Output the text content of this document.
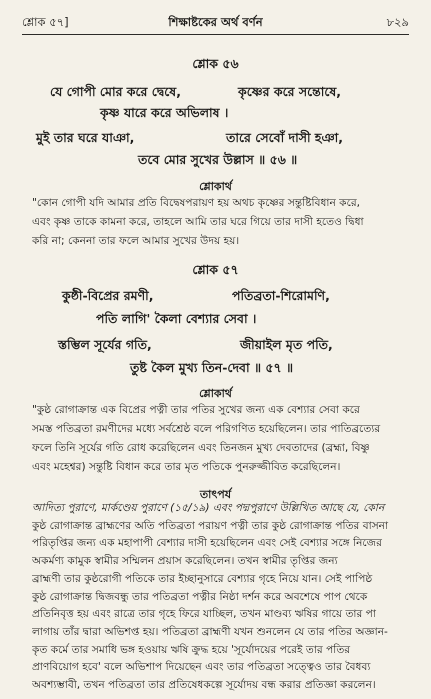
শ্লোক ৫৭]	শিক্ষাষ্টকের অর্থ বর্ণন	৮২৯
শ্লোক ৫৬
যে গোপী মোর করে দ্বেষে,	কৃষ্ণের করে সন্তোষে,
কৃষ্ণ যারে করে অভিলাষ ।
মুই তার ঘরে যাঞা,	তারে সেবোঁ দাসী হঞা,
তবে মোর সুখের উল্লাস ॥ ৫৬ ॥
শ্লোকার্থ
"কোন গোপী যদি আমার প্রতি বিদ্বেষপরায়ণ হয় অথচ কৃষ্ণের সন্তুষ্টিবিধান করে,
এবং কৃষ্ণ তাকে কামনা করে, তাহলে আমি তার ঘরে গিয়ে তার দাসী হতেও দ্বিধা
করি না; কেননা তার ফলে আমার সুখের উদয় হয়।
শ্লোক ৫৭
কুষ্ঠী-বিপ্রের রমণী,	পতিব্রতা-শিরোমণি,
পতি লাগি' কৈলা বেশ্যার সেবা ।
স্তম্ভিল সূর্যের গতি,	জীয়াইল মৃত পতি,
তুষ্ট কৈল মুখ্য তিন-দেবা ॥ ৫৭ ॥
শ্লোকার্থ
"কুষ্ঠ রোগাক্রান্ত এক বিপ্রের পত্নী তার পতির সুখের জন্য এক বেশ্যার সেবা করে
সমস্ত পতিব্রতা রমণীদের মধ্যে সর্বশ্রেষ্ঠ বলে পরিগণিত হয়েছিলেন। তার পাতিব্রত্যের
ফলে তিনি সূর্যের গতি রোধ করেছিলেন এবং তিনজন মুখ্য দেবতাদের (ব্রহ্মা, বিষ্ণু
এবং মহেশ্বর) সন্তুষ্টি বিধান করে তার মৃত পতিকে পুনরুজ্জীবিত করেছিলেন।
তাৎপর্য
আদিত্য পুরাণে, মার্কণ্ডেয় পুরাণে (১৫/১৯) এবং পদ্মপুরাণে উল্লিখিত আছে যে, কোন
কুষ্ঠ রোগাক্রান্ত ব্রাহ্মণের অতি পতিব্রতা পরায়ণ পত্নী তার কুষ্ঠ রোগাক্রান্ত পতির বাসনা
পরিতৃপ্তির জন্য এক মহাপাপী বেশ্যার দাসী হয়েছিলেন এবং সেই বেশ্যার সঙ্গে নিজের
অকর্মণ্য কামুক স্বামীর সম্মিলন প্রয়াস করেছিলেন। তখন স্বামীর তৃপ্তির জন্য
ব্রাহ্মণী তার কুষ্ঠরোগী পতিকে তার ইচ্ছানুসারে বেশ্যার গৃহে নিয়ে যান। সেই পাপিষ্ঠ
কুষ্ঠ রোগাক্রান্ত দ্বিজবন্ধু তার পতিব্রতা পত্নীর নিষ্ঠা দর্শন করে অবশেষে পাপ থেকে
প্রতিনিবৃত্ত হয় এবং রাত্রে তার গৃহে ফিরে যাচ্ছিল, তখন মাণ্ডব্য ঋষির গায়ে তার পা
লাগায় তাঁর দ্বারা অভিশপ্ত হয়। পতিব্রতা ব্রাহ্মণী যখন শুনলেন যে তার পতির অজ্ঞান-
কৃত কর্মে তার সমাধি ভঙ্গ হওয়ায় ঋষি ক্রুদ্ধ হয়ে 'সূর্যোদয়ের পরেই তার পতির
প্রাণবিয়োগ হবে' বলে অভিশাপ দিয়েছেন এবং তার পতিব্রতা সত্ত্বেও তার বৈধব্য
অবশ্যম্ভাবী, তখন পতিব্রতা তার প্রতিষেধকল্পে সূর্যোদয় বন্ধ করার প্রতিজ্ঞা করলেন।
